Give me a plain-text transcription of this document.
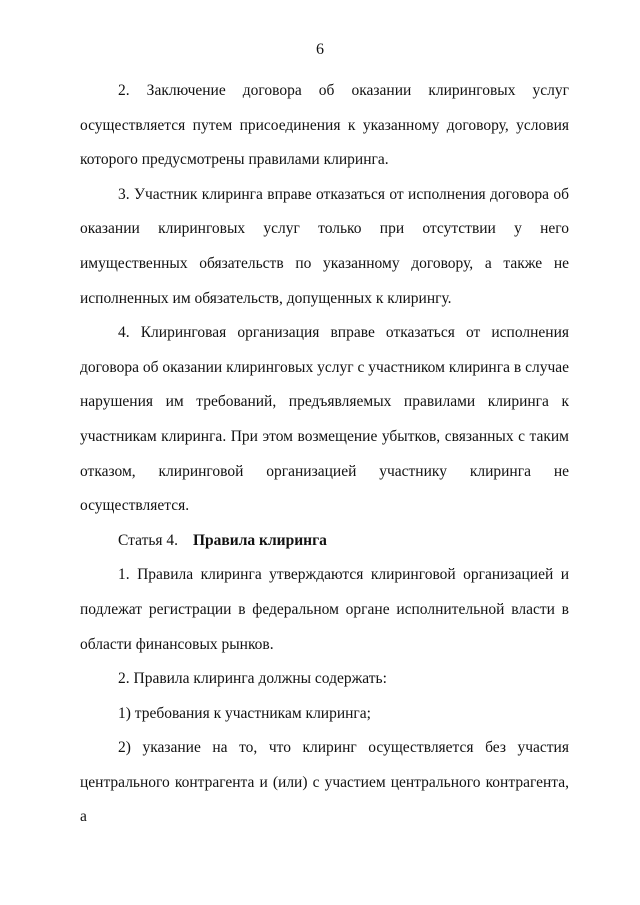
6

2. Заключение договора об оказании клиринговых услуг осуществляется путем присоединения к указанному договору, условия которого предусмотрены правилами клиринга.

3. Участник клиринга вправе отказаться от исполнения договора об оказании клиринговых услуг только при отсутствии у него имущественных обязательств по указанному договору, а также не исполненных им обязательств, допущенных к клирингу.

4. Клиринговая организация вправе отказаться от исполнения договора об оказании клиринговых услуг с участником клиринга в случае нарушения им требований, предъявляемых правилами клиринга к участникам клиринга. При этом возмещение убытков, связанных с таким отказом, клиринговой организацией участнику клиринга не осуществляется.

Статья 4. Правила клиринга

1. Правила клиринга утверждаются клиринговой организацией и подлежат регистрации в федеральном органе исполнительной власти в области финансовых рынков.

2. Правила клиринга должны содержать:

1) требования к участникам клиринга;

2) указание на то, что клиринг осуществляется без участия центрального контрагента и (или) с участием центрального контрагента, а
